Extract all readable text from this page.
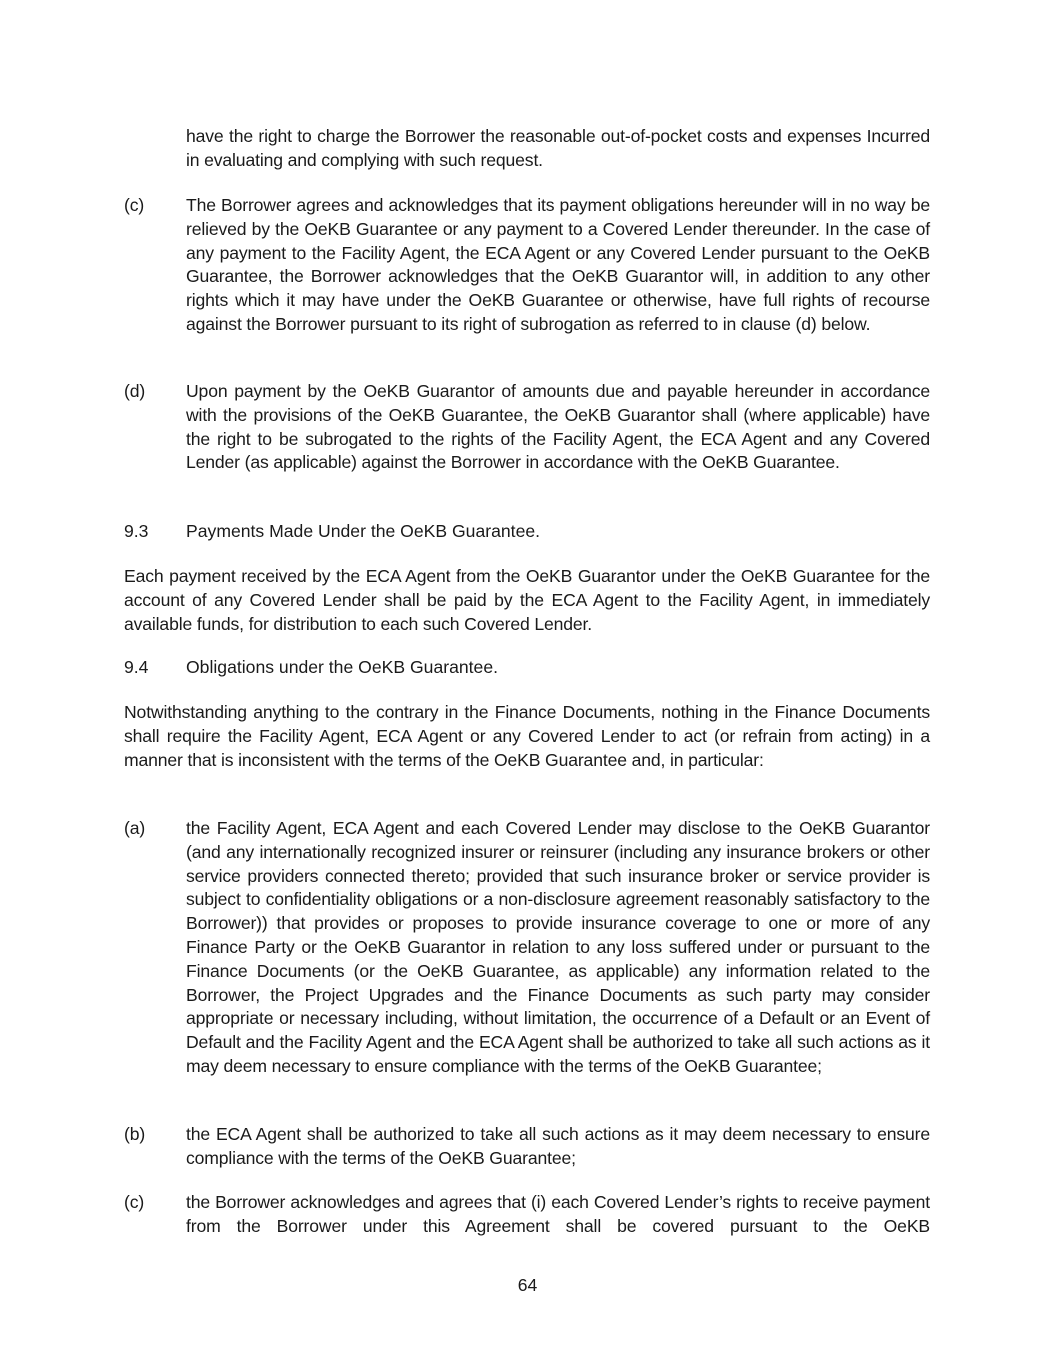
have the right to charge the Borrower the reasonable out-of-pocket costs and expenses Incurred in evaluating and complying with such request.
(c)	The Borrower agrees and acknowledges that its payment obligations hereunder will in no way be relieved by the OeKB Guarantee or any payment to a Covered Lender thereunder. In the case of any payment to the Facility Agent, the ECA Agent or any Covered Lender pursuant to the OeKB Guarantee, the Borrower acknowledges that the OeKB Guarantor will, in addition to any other rights which it may have under the OeKB Guarantee or otherwise, have full rights of recourse against the Borrower pursuant to its right of subrogation as referred to in clause (d) below.
(d)	Upon payment by the OeKB Guarantor of amounts due and payable hereunder in accordance with the provisions of the OeKB Guarantee, the OeKB Guarantor shall (where applicable) have the right to be subrogated to the rights of the Facility Agent, the ECA Agent and any Covered Lender (as applicable) against the Borrower in accordance with the OeKB Guarantee.
9.3 Payments Made Under the OeKB Guarantee.

Each payment received by the ECA Agent from the OeKB Guarantor under the OeKB Guarantee for the account of any Covered Lender shall be paid by the ECA Agent to the Facility Agent, in immediately available funds, for distribution to each such Covered Lender.

9.4 Obligations under the OeKB Guarantee.

Notwithstanding anything to the contrary in the Finance Documents, nothing in the Finance Documents shall require the Facility Agent, ECA Agent or any Covered Lender to act (or refrain from acting) in a manner that is inconsistent with the terms of the OeKB Guarantee and, in particular:

(a)	the Facility Agent, ECA Agent and each Covered Lender may disclose to the OeKB Guarantor (and any internationally recognized insurer or reinsurer (including any insurance brokers or other service providers connected thereto; provided that such insurance broker or service provider is subject to confidentiality obligations or a non-disclosure agreement reasonably satisfactory to the Borrower)) that provides or proposes to provide insurance coverage to one or more of any Finance Party or the OeKB Guarantor in relation to any loss suffered under or pursuant to the Finance Documents (or the OeKB Guarantee, as applicable) any information related to the Borrower, the Project Upgrades and the Finance Documents as such party may consider appropriate or necessary including, without limitation, the occurrence of a Default or an Event of Default and the Facility Agent and the ECA Agent shall be authorized to take all such actions as it may deem necessary to ensure compliance with the terms of the OeKB Guarantee;
(b)	the ECA Agent shall be authorized to take all such actions as it may deem necessary to ensure compliance with the terms of the OeKB Guarantee;
(c)	the Borrower acknowledges and agrees that (i) each Covered Lender’s rights to receive payment from the Borrower under this Agreement shall be covered pursuant to the OeKB
64
